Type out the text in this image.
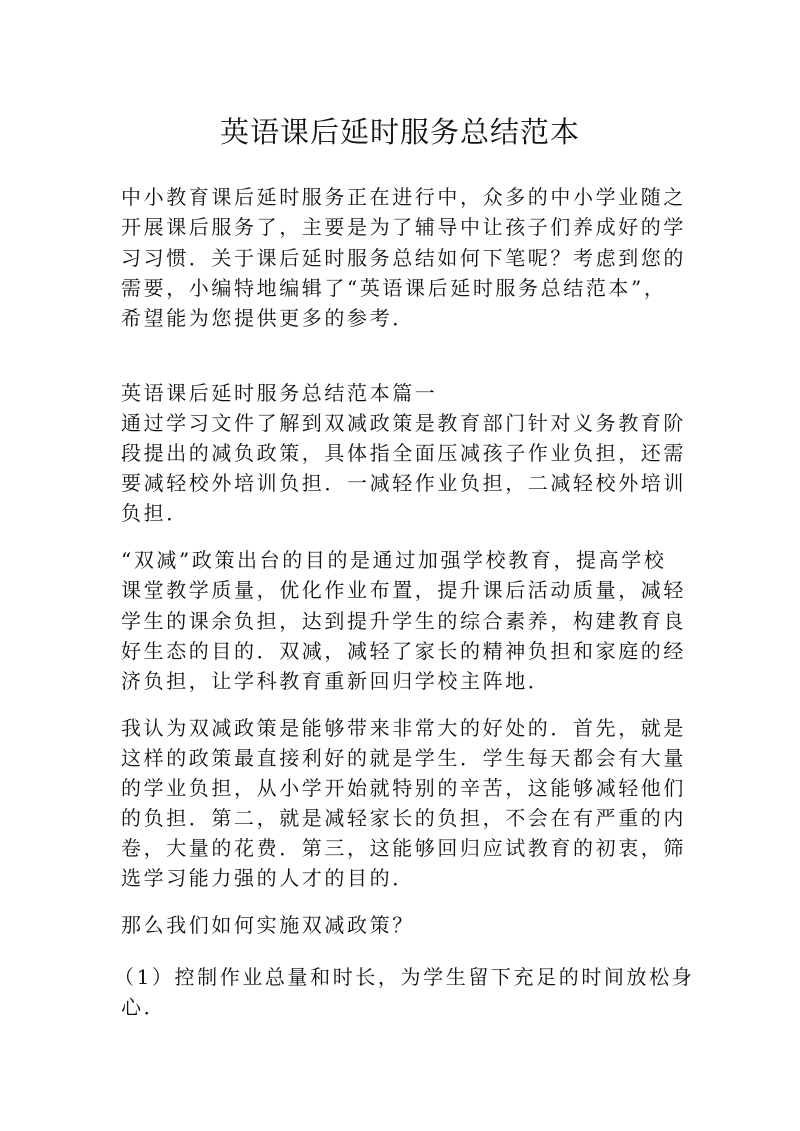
英语课后延时服务总结范本
中小教育课后延时服务正在进行中，众多的中小学业随之
开展课后服务了，主要是为了辅导中让孩子们养成好的学
习习惯．关于课后延时服务总结如何下笔呢？考虑到您的
需要，小编特地编辑了“英语课后延时服务总结范本”，
希望能为您提供更多的参考．
英语课后延时服务总结范本篇一
通过学习文件了解到双减政策是教育部门针对义务教育阶
段提出的减负政策，具体指全面压减孩子作业负担，还需
要减轻校外培训负担．一减轻作业负担，二减轻校外培训
负担．
“双减”政策出台的目的是通过加强学校教育，提高学校
课堂教学质量，优化作业布置，提升课后活动质量，减轻
学生的课余负担，达到提升学生的综合素养，构建教育良
好生态的目的．双减，减轻了家长的精神负担和家庭的经
济负担，让学科教育重新回归学校主阵地．
我认为双减政策是能够带来非常大的好处的．首先，就是
这样的政策最直接利好的就是学生．学生每天都会有大量
的学业负担，从小学开始就特别的辛苦，这能够减轻他们
的负担．第二，就是减轻家长的负担，不会在有严重的内
卷，大量的花费．第三，这能够回归应试教育的初衷，筛
选学习能力强的人才的目的．
那么我们如何实施双减政策？
（1）控制作业总量和时长，为学生留下充足的时间放松身
心．
